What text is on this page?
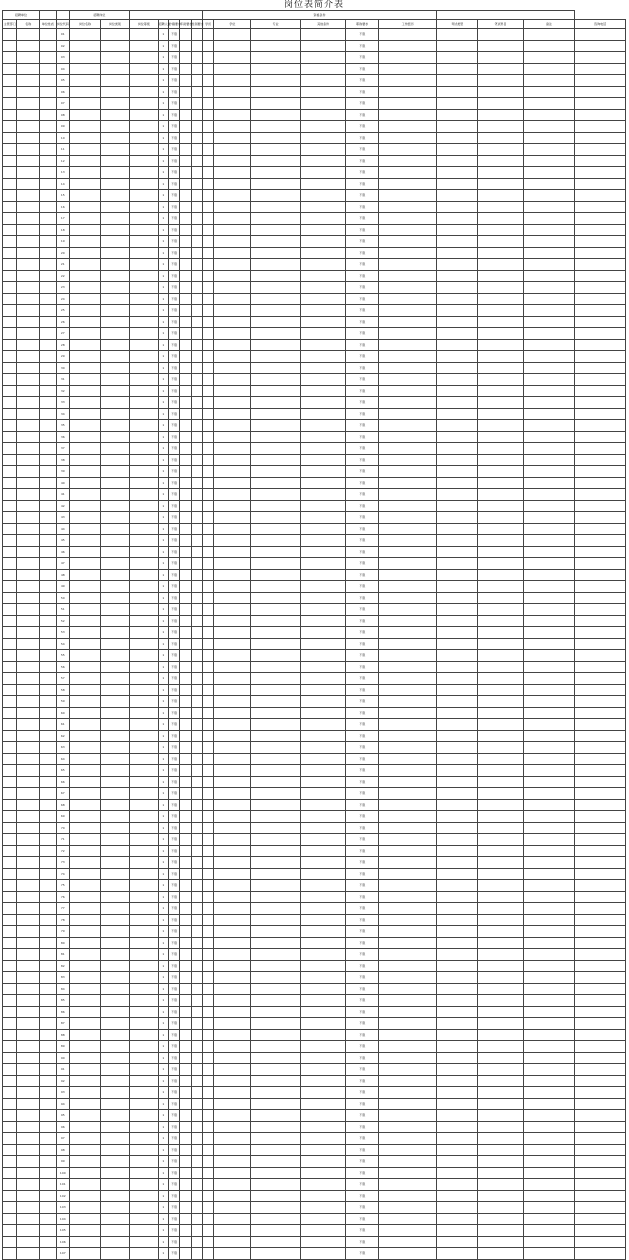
岗位表简介表
招聘单位				招聘岗位							资格条件									
主管部门	名称	单位性质	岗位代码	岗位名称	岗位类别	岗位等级	招聘人数	户籍要求	年龄要求	性别要求	学历	学位	专业	其他条件	职称要求	工作经历	考试类型	笔试科目	备注	咨询电话
			01				1	不限							不限					
			02				1	不限							不限					
			03				1	不限							不限					
			04				1	不限							不限					
			05				1	不限							不限					
			06				1	不限							不限					
			07				1	不限							不限					
			08				1	不限							不限					
			09				1	不限							不限					
			10				1	不限							不限					
			11				1	不限							不限					
			12				1	不限							不限					
			13				1	不限							不限					
			14				1	不限							不限					
			15				1	不限							不限					
			16				1	不限							不限					
			17				1	不限							不限					
			18				1	不限							不限					
			19				1	不限							不限					
			20				1	不限							不限					
			21				1	不限							不限					
			22				1	不限							不限					
			23				1	不限							不限					
			24				1	不限							不限					
			25				1	不限							不限					
			26				1	不限							不限					
			27				1	不限							不限					
			28				1	不限							不限					
			29				1	不限							不限					
			30				1	不限							不限					
			31				1	不限							不限					
			32				1	不限							不限					
			33				1	不限							不限					
			34				1	不限							不限					
			35				1	不限							不限					
			36				1	不限							不限					
			37				1	不限							不限					
			38				1	不限							不限					
			39				1	不限							不限					
			40				1	不限							不限					
			41				1	不限							不限					
			42				1	不限							不限					
			43				1	不限							不限					
			44				1	不限							不限					
			45				1	不限							不限					
			46				1	不限							不限					
			47				1	不限							不限					
			48				1	不限							不限					
			49				1	不限							不限					
			50				1	不限							不限					
			51				1	不限							不限					
			52				1	不限							不限					
			53				1	不限							不限					
			54				1	不限							不限					
			55				1	不限							不限					
			56				1	不限							不限					
			57				1	不限							不限					
			58				1	不限							不限					
			59				1	不限							不限					
			60				1	不限							不限					
			61				1	不限							不限					
			62				1	不限							不限					
			63				1	不限							不限					
			64				1	不限							不限					
			65				1	不限							不限					
			66				1	不限							不限					
			67				1	不限							不限					
			68				1	不限							不限					
			69				1	不限							不限					
			70				1	不限							不限					
			71				1	不限							不限					
			72				1	不限							不限					
			73				1	不限							不限					
			74				1	不限							不限					
			75				1	不限							不限					
			76				1	不限							不限					
			77				1	不限							不限					
			78				1	不限							不限					
			79				1	不限							不限					
			80				1	不限							不限					
			81				1	不限							不限					
			82				1	不限							不限					
			83				1	不限							不限					
			84				1	不限							不限					
			85				1	不限							不限					
			86				1	不限							不限					
			87				1	不限							不限					
			88				1	不限							不限					
			89				1	不限							不限					
			90				1	不限							不限					
			91				1	不限							不限					
			92				1	不限							不限					
			93				1	不限							不限					
			94				1	不限							不限					
			95				1	不限							不限					
			96				1	不限							不限					
			97				1	不限							不限					
			98				1	不限							不限					
			99				1	不限							不限					
			100				1	不限							不限					
			101				1	不限							不限					
			102				1	不限							不限					
			103				1	不限							不限					
			104				1	不限							不限					
			105				1	不限							不限					
			106				1	不限							不限					
			107				1	不限							不限					
